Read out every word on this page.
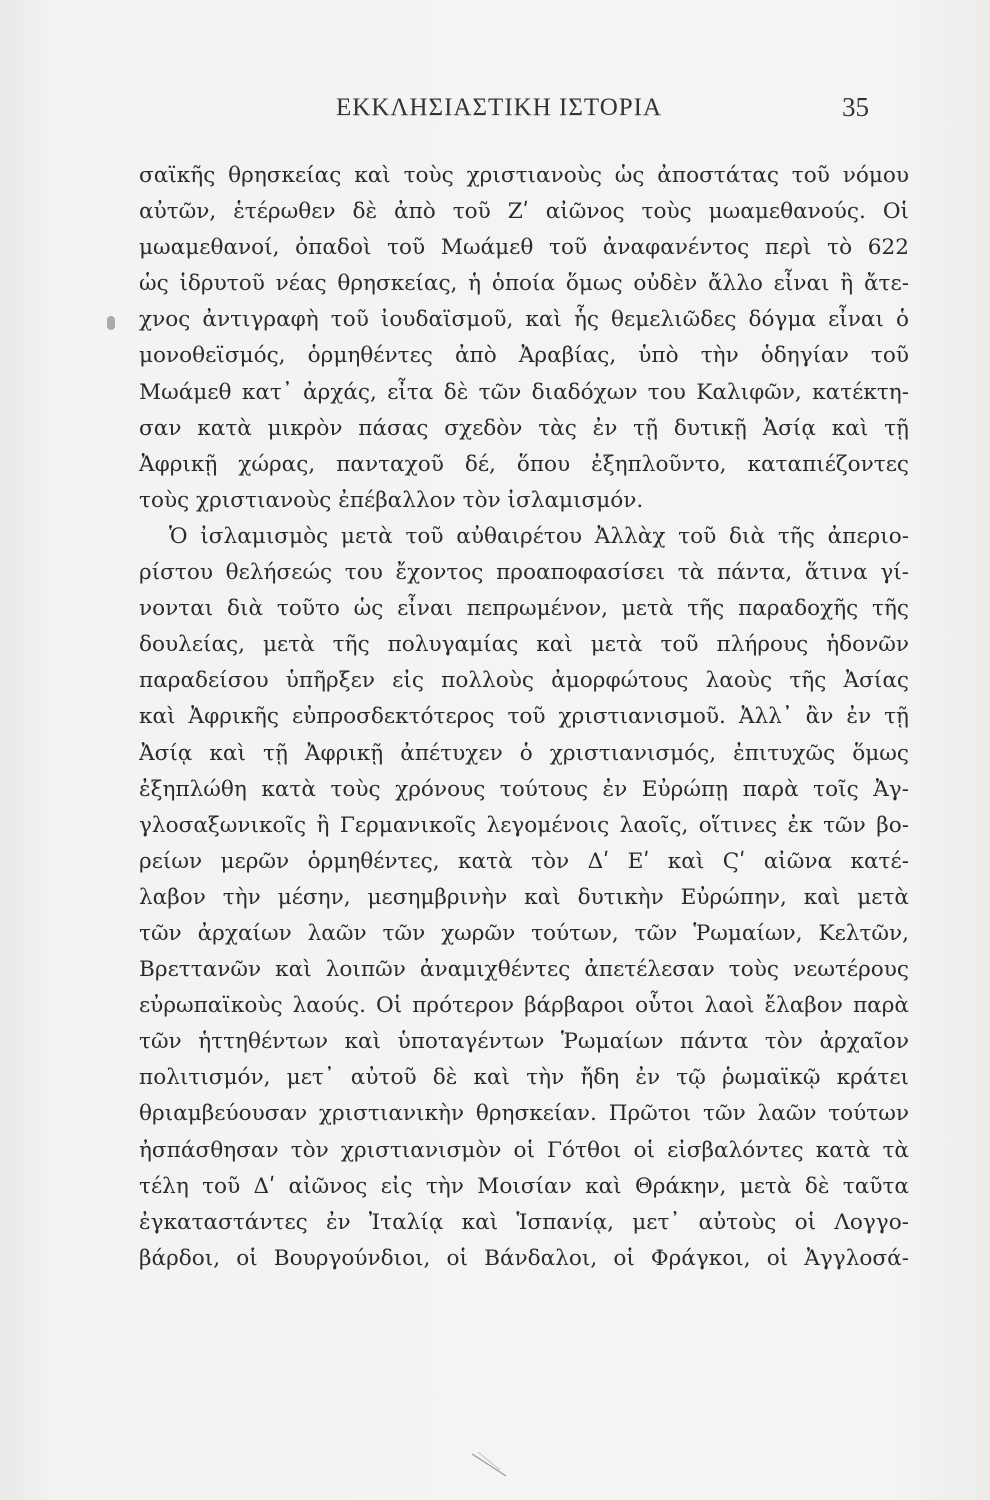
ΕΚΚΛΗΣΙΑΣΤΙΚΗ ΙΣΤΟΡΙΑ	35
σαϊκῆς θρησκείας καὶ τοὺς χριστιανοὺς ὡς ἀποστάτας τοῦ νόμου
αὐτῶν, ἑτέρωθεν δὲ ἀπὸ τοῦ Ζʹ αἰῶνος τοὺς μωαμεθανούς. Οἱ
μωαμεθανοί, ὀπαδοὶ τοῦ Μωάμεθ τοῦ ἀναφανέντος περὶ τὸ 622
ὡς ἱδρυτοῦ νέας θρησκείας, ἡ ὁποία ὅμως οὐδὲν ἄλλο εἶναι ἢ ἄτε-
χνος ἀντιγραφὴ τοῦ ἰουδαϊσμοῦ, καὶ ἧς θεμελιῶδες δόγμα εἶναι ὁ
μονοθεϊσμός, ὁρμηθέντες ἀπὸ Ἀραβίας, ὑπὸ τὴν ὁδηγίαν τοῦ
Μωάμεθ κατ᾽ ἀρχάς, εἶτα δὲ τῶν διαδόχων του Καλιφῶν, κατέκτη-
σαν κατὰ μικρὸν πάσας σχεδὸν τὰς ἐν τῇ δυτικῇ Ἀσίᾳ καὶ τῇ
Ἀφρικῇ χώρας, πανταχοῦ δέ, ὅπου ἐξηπλοῦντο, καταπιέζοντες
τοὺς χριστιανοὺς ἐπέβαλλον τὸν ἰσλαμισμόν.
Ὁ ἰσλαμισμὸς μετὰ τοῦ αὐθαιρέτου Ἀλλὰχ τοῦ διὰ τῆς ἀπεριο-
ρίστου θελήσεώς του ἔχοντος προαποφασίσει τὰ πάντα, ἅτινα γί-
νονται διὰ τοῦτο ὡς εἶναι πεπρωμένον, μετὰ τῆς παραδοχῆς τῆς
δουλείας, μετὰ τῆς πολυγαμίας καὶ μετὰ τοῦ πλήρους ἡδονῶν
παραδείσου ὑπῆρξεν εἰς πολλοὺς ἀμορφώτους λαοὺς τῆς Ἀσίας
καὶ Ἀφρικῆς εὐπροσδεκτότερος τοῦ χριστιανισμοῦ. Ἀλλ᾽ ἂν ἐν τῇ
Ἀσίᾳ καὶ τῇ Ἀφρικῇ ἀπέτυχεν ὁ χριστιανισμός, ἐπιτυχῶς ὅμως
ἐξηπλώθη κατὰ τοὺς χρόνους τούτους ἐν Εὐρώπῃ παρὰ τοῖς Ἀγ-
γλοσαξωνικοῖς ἢ Γερμανικοῖς λεγομένοις λαοῖς, οἵτινες ἐκ τῶν βο-
ρείων μερῶν ὁρμηθέντες, κατὰ τὸν Δʹ Εʹ καὶ Ϛʹ αἰῶνα κατέ-
λαβον τὴν μέσην, μεσημβρινὴν καὶ δυτικὴν Εὐρώπην, καὶ μετὰ
τῶν ἀρχαίων λαῶν τῶν χωρῶν τούτων, τῶν Ῥωμαίων, Κελτῶν,
Βρεττανῶν καὶ λοιπῶν ἀναμιχθέντες ἀπετέλεσαν τοὺς νεωτέρους
εὐρωπαϊκοὺς λαούς. Οἱ πρότερον βάρβαροι οὗτοι λαοὶ ἔλαβον παρὰ
τῶν ἡττηθέντων καὶ ὑποταγέντων Ῥωμαίων πάντα τὸν ἀρχαῖον
πολιτισμόν, μετ᾽ αὐτοῦ δὲ καὶ τὴν ἤδη ἐν τῷ ῥωμαϊκῷ κράτει
θριαμβεύουσαν χριστιανικὴν θρησκείαν. Πρῶτοι τῶν λαῶν τούτων
ἠσπάσθησαν τὸν χριστιανισμὸν οἱ Γότθοι οἱ εἰσβαλόντες κατὰ τὰ
τέλη τοῦ Δʹ αἰῶνος εἰς τὴν Μοισίαν καὶ Θράκην, μετὰ δὲ ταῦτα
ἐγκαταστάντες ἐν Ἰταλίᾳ καὶ Ἱσπανίᾳ, μετ᾽ αὐτοὺς οἱ Λογγο-
βάρδοι, οἱ Βουργούνδιοι, οἱ Βάνδαλοι, οἱ Φράγκοι, οἱ Ἀγγλοσά-
